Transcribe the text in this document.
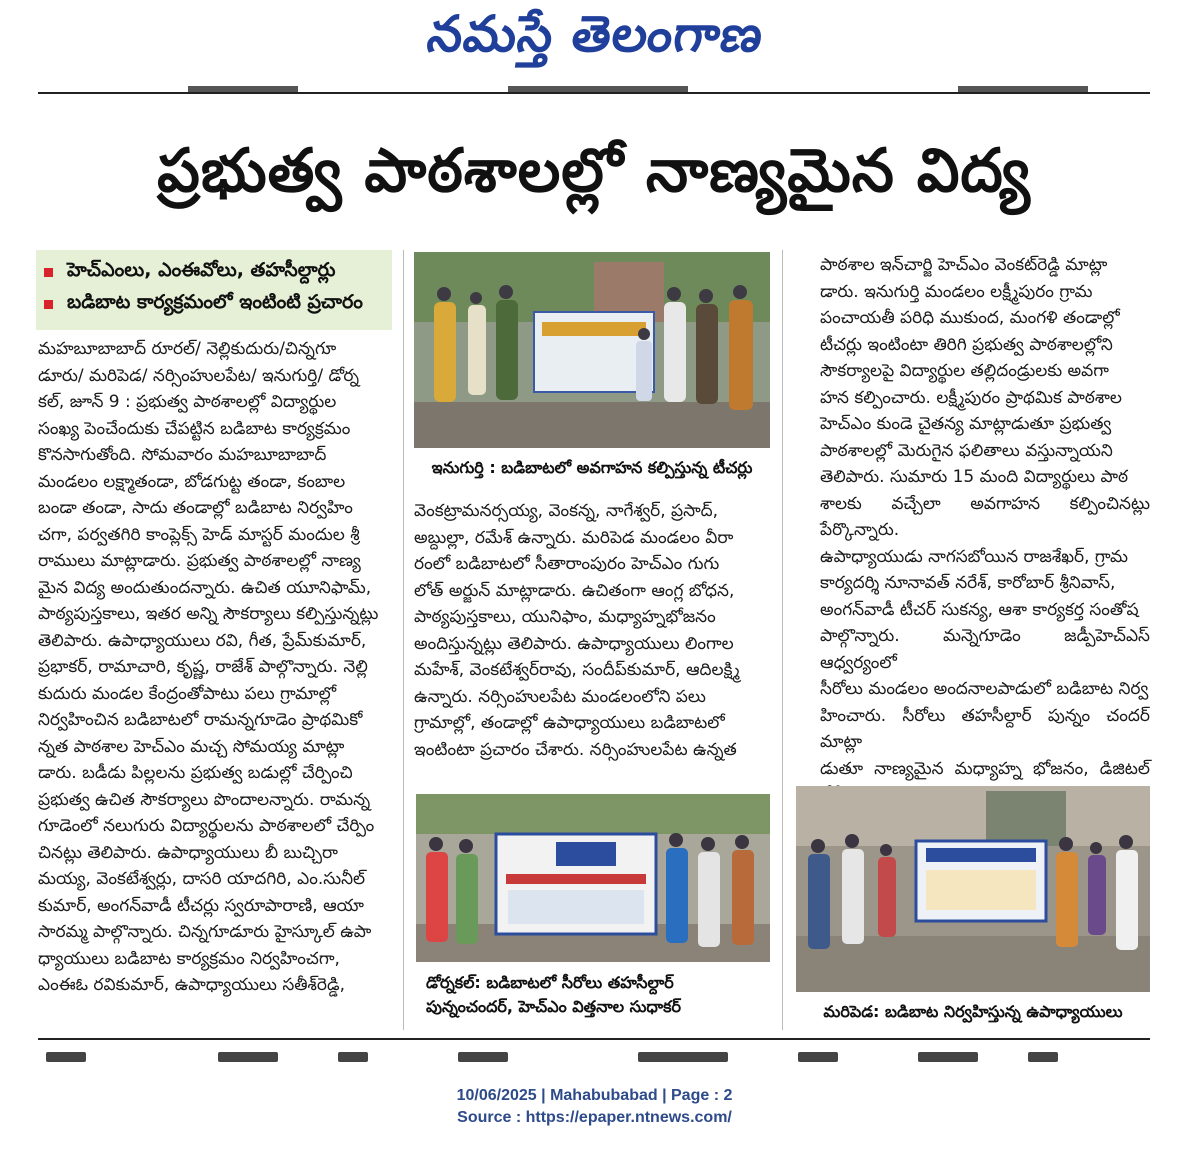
నమస్తే తెలంగాణ
ప్రభుత్వ పాఠశాలల్లో నాణ్యమైన విద్య
హెచ్‌ఎంలు, ఎంఈవోలు, తహసీల్దార్లు
బడిబాట కార్యక్రమంలో ఇంటింటి ప్రచారం
మహబూబాబాద్ రూరల్/ నెల్లికుదురు/చిన్నగూ
డూరు/ మరిపెడ/ నర్సింహులపేట/ ఇనుగుర్తి/ డోర్న
కల్, జూన్ 9 : ప్రభుత్వ పాఠశాలల్లో విద్యార్థుల
సంఖ్య పెంచేందుకు చేపట్టిన బడిబాట కార్యక్రమం
కొనసాగుతోంది. సోమవారం మహబూబాబాద్
మండలం లక్ష్మాతండా, బోడగుట్ట తండా, కంబాల
బండా తండా, సాదు తండాల్లో బడిబాట నిర్వహిం
చగా, పర్వతగిరి కాంప్లెక్స్ హెడ్ మాస్టర్ మందుల శ్రీ
రాములు మాట్లాడారు. ప్రభుత్వ పాఠశాలల్లో నాణ్య
మైన విద్య అందుతుందన్నారు. ఉచిత యూనిఫామ్,
పాఠ్యపుస్తకాలు, ఇతర అన్ని సౌకర్యాలు కల్పిస్తున్నట్లు
తెలిపారు. ఉపాధ్యాయులు రవి, గీత, ప్రేమ్‌కుమార్,
ప్రభాకర్, రామాచారి, కృష్ణ, రాజేశ్ పాల్గొన్నారు. నెల్లి
కుదురు మండల కేంద్రంతోపాటు పలు గ్రామాల్లో
నిర్వహించిన బడిబాటలో రామన్నగూడెం ప్రాథమికో
న్నత పాఠశాల హెచ్‌ఎం మచ్చ సోమయ్య మాట్లా
డారు. బడీడు పిల్లలను ప్రభుత్వ బడుల్లో చేర్పించి
ప్రభుత్వ ఉచిత సౌకర్యాలు పొందాలన్నారు. రామన్న
గూడెంలో నలుగురు విద్యార్థులను పాఠశాలలో చేర్పిం
చినట్లు తెలిపారు. ఉపాధ్యాయులు బీ బుచ్చిరా
మయ్య, వెంకటేశ్వర్లు, దాసరి యాదగిరి, ఎం.సునీల్
కుమార్, అంగన్‌వాడీ టీచర్లు స్వరూపారాణి, ఆయా
సారమ్మ పాల్గొన్నారు. చిన్నగూడూరు హైస్కూల్ ఉపా
ధ్యాయులు బడిబాట కార్యక్రమం నిర్వహించగా,
ఎంఈఓ రవికుమార్, ఉపాధ్యాయులు సతీశ్‌రెడ్డి,
ఇనుగుర్తి : బడిబాటలో అవగాహన కల్పిస్తున్న టీచర్లు
వెంకట్రామనర్సయ్య, వెంకన్న, నాగేశ్వర్, ప్రసాద్,
అబ్దుల్లా, రమేశ్ ఉన్నారు. మరిపెడ మండలం వీరా
రంలో బడిబాటలో సీతారాంపురం హెచ్‌ఎం గుగు
లోత్ అర్జున్ మాట్లాడారు. ఉచితంగా ఆంగ్ల బోధన,
పాఠ్యపుస్తకాలు, యునిఫాం, మధ్యాహ్నభోజనం
అందిస్తున్నట్లు తెలిపారు. ఉపాధ్యాయులు లింగాల
మహేశ్, వెంకటేశ్వర్‌రావు, సందీప్‌కుమార్, ఆదిలక్ష్మి
ఉన్నారు. నర్సింహులపేట మండలంలోని పలు
గ్రామాల్లో, తండాల్లో ఉపాధ్యాయులు బడిబాటలో
ఇంటింటా ప్రచారం చేశారు. నర్సింహులపేట ఉన్నత
డోర్నకల్: బడిబాటలో సీరోలు తహసీల్దార్
పున్నంచందర్, హెచ్‌ఎం విత్తనాల సుధాకర్
పాఠశాల ఇన్‌చార్జి హెచ్‌ఎం వెంకట్‌రెడ్డి మాట్లా
డారు. ఇనుగుర్తి మండలం లక్ష్మీపురం గ్రామ
పంచాయతీ పరిధి ముకుంద, మంగళి తండాల్లో
టీచర్లు ఇంటింటా తిరిగి ప్రభుత్వ పాఠశాలల్లోని
సౌకర్యాలపై విద్యార్థుల తల్లిదండ్రులకు అవగా
హన కల్పించారు. లక్ష్మీపురం ప్రాథమిక పాఠశాల
హెచ్‌ఎం కుండె చైతన్య మాట్లాడుతూ ప్రభుత్వ
పాఠశాలల్లో మెరుగైన ఫలితాలు వస్తున్నాయని
తెలిపారు. సుమారు 15 మంది విద్యార్థులు పాఠ
శాలకు వచ్చేలా అవగాహన కల్పించినట్లు పేర్కొన్నారు.
ఉపాధ్యాయుడు నాగసబోయిన రాజశేఖర్, గ్రామ
కార్యదర్శి నూనావత్ నరేశ్, కారోబార్ శ్రీనివాస్,
అంగన్‌వాడీ టీచర్ సుకన్య, ఆశా కార్యకర్త సంతోష
పాల్గొన్నారు. మన్నెగూడెం జడ్పీహెచ్‌ఎస్ ఆధ్వర్యంలో
సీరోలు మండలం అందనాలపాడులో బడిబాట నిర్వ
హించారు. సీరోలు తహసీల్దార్ పున్నం చందర్ మాట్లా
డుతూ నాణ్యమైన మధ్యాహ్న భోజనం, డిజిటల్

మరిపెడ: బడిబాట నిర్వహిస్తున్న ఉపాధ్యాయులు
10/06/2025 | Mahabubabad | Page : 2
Source : https://epaper.ntnews.com/
